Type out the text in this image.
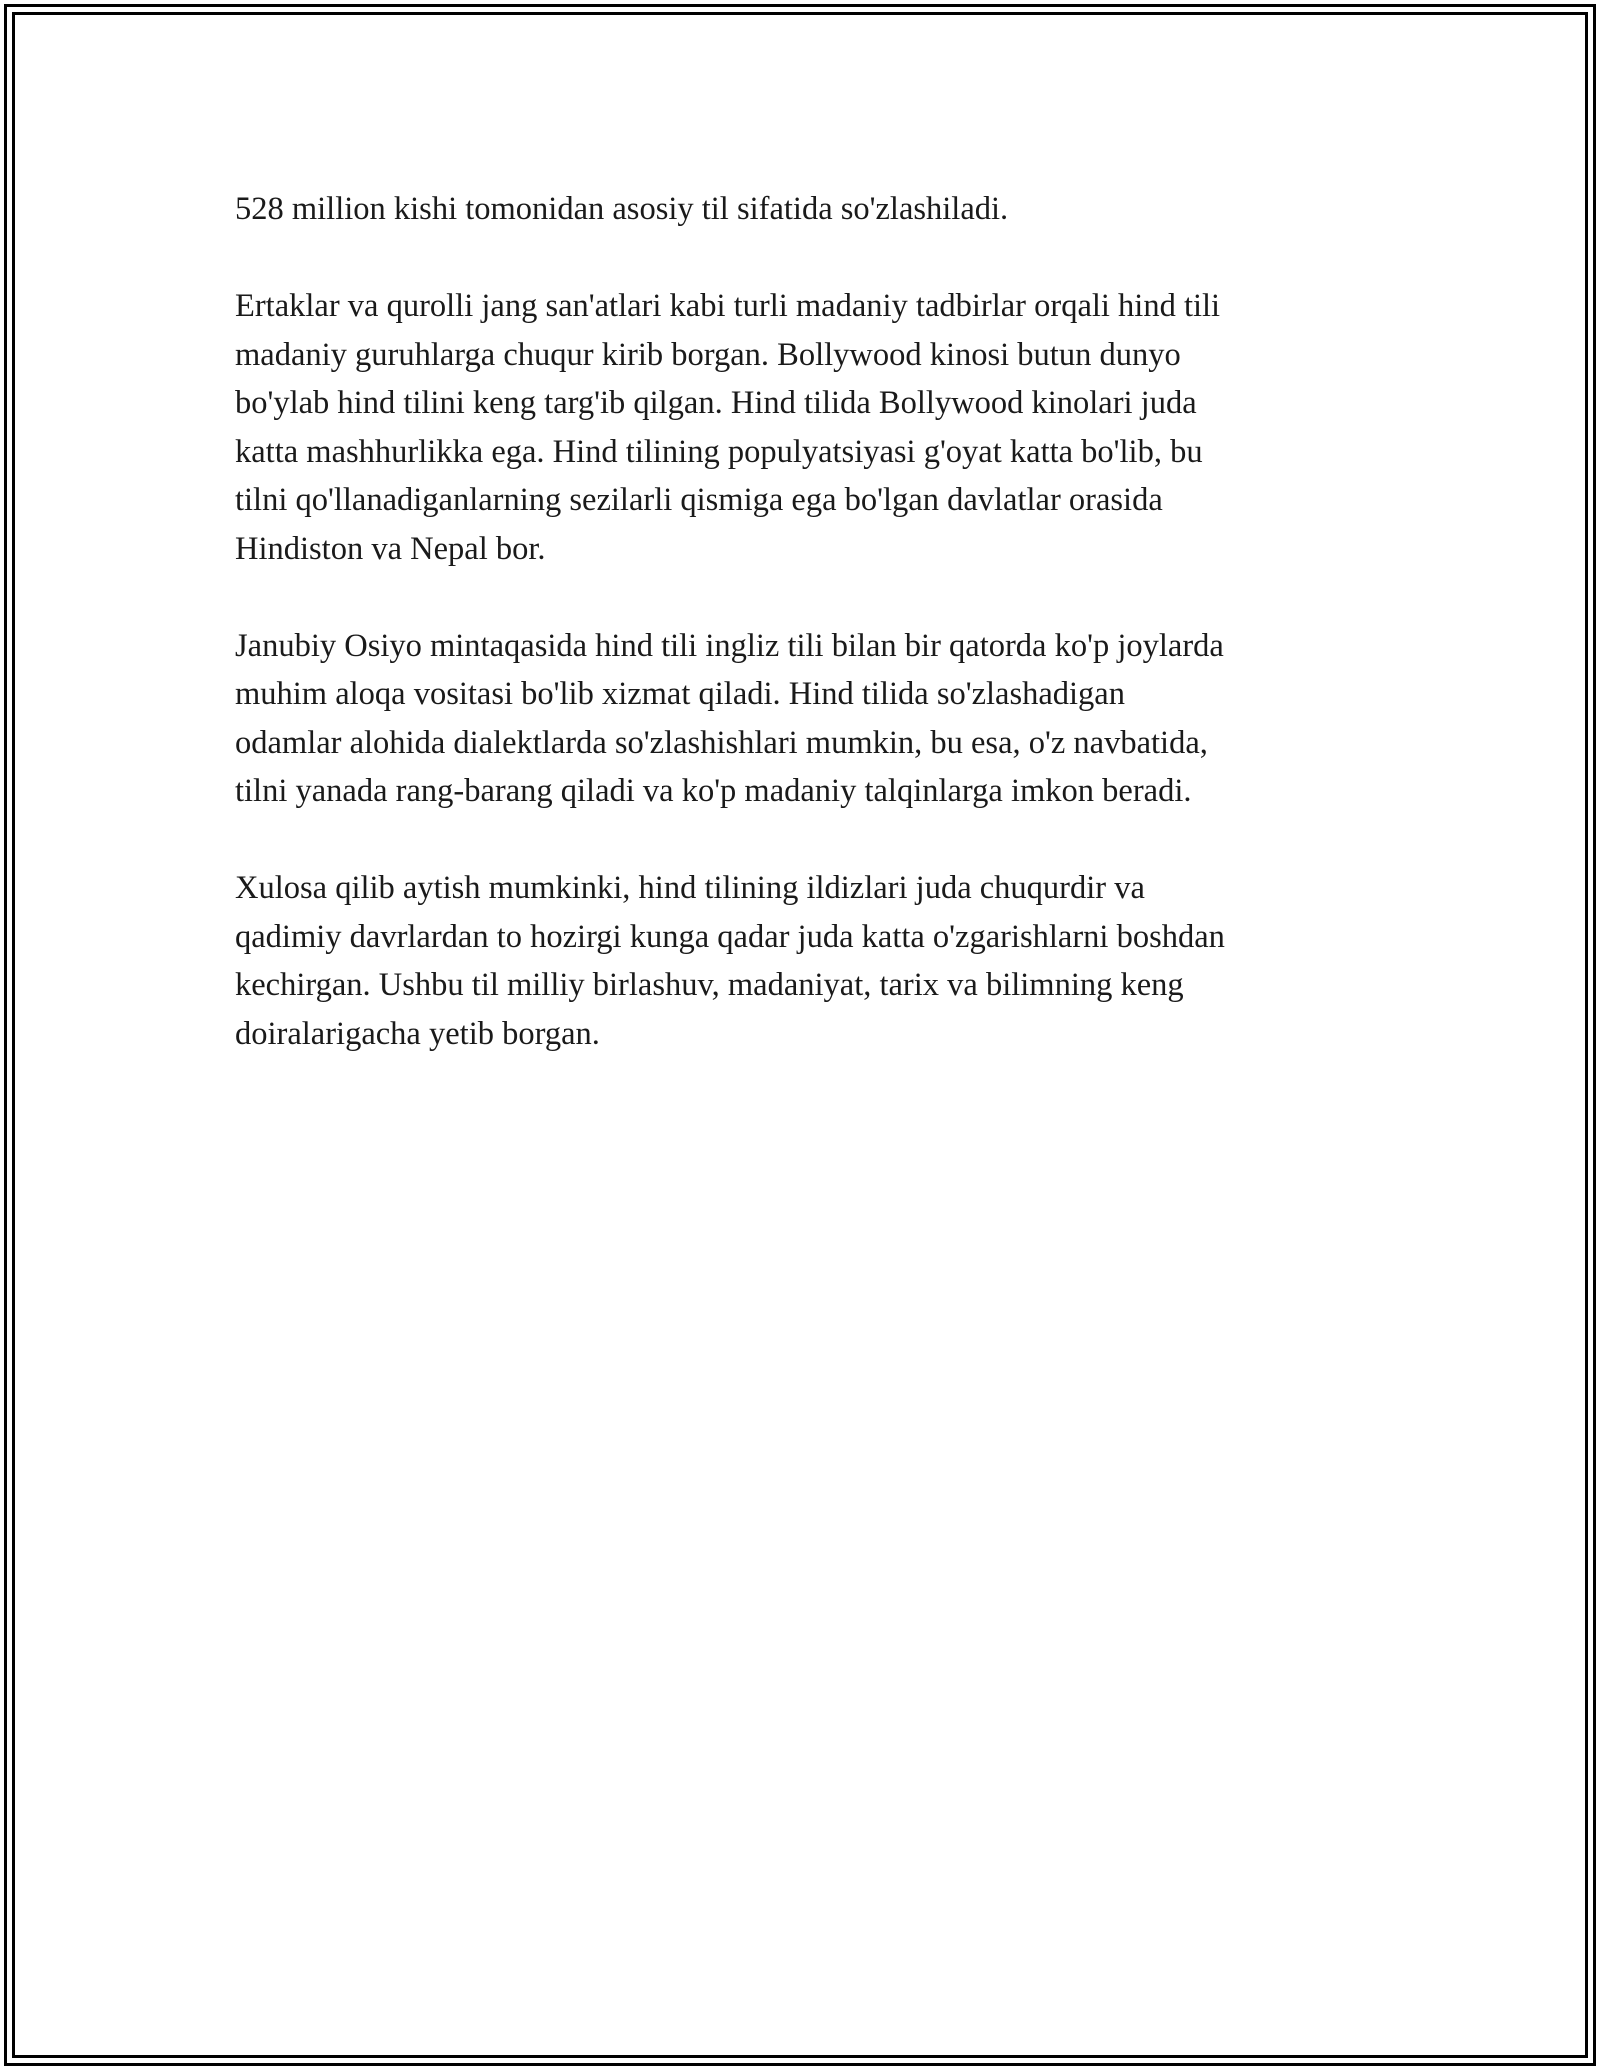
528 million kishi tomonidan asosiy til sifatida so'zlashiladi.

Ertaklar va qurolli jang san'atlari kabi turli madaniy tadbirlar orqali hind tili
madaniy guruhlarga chuqur kirib borgan. Bollywood kinosi butun dunyo
bo'ylab hind tilini keng targ'ib qilgan. Hind tilida Bollywood kinolari juda
katta mashhurlikka ega. Hind tilining populyatsiyasi g'oyat katta bo'lib, bu
tilni qo'llanadiganlarning sezilarli qismiga ega bo'lgan davlatlar orasida
Hindiston va Nepal bor.

Janubiy Osiyo mintaqasida hind tili ingliz tili bilan bir qatorda ko'p joylarda
muhim aloqa vositasi bo'lib xizmat qiladi. Hind tilida so'zlashadigan
odamlar alohida dialektlarda so'zlashishlari mumkin, bu esa, o'z navbatida,
tilni yanada rang-barang qiladi va ko'p madaniy talqinlarga imkon beradi.

Xulosa qilib aytish mumkinki, hind tilining ildizlari juda chuqurdir va
qadimiy davrlardan to hozirgi kunga qadar juda katta o'zgarishlarni boshdan
kechirgan. Ushbu til milliy birlashuv, madaniyat, tarix va bilimning keng
doiralarigacha yetib borgan.
